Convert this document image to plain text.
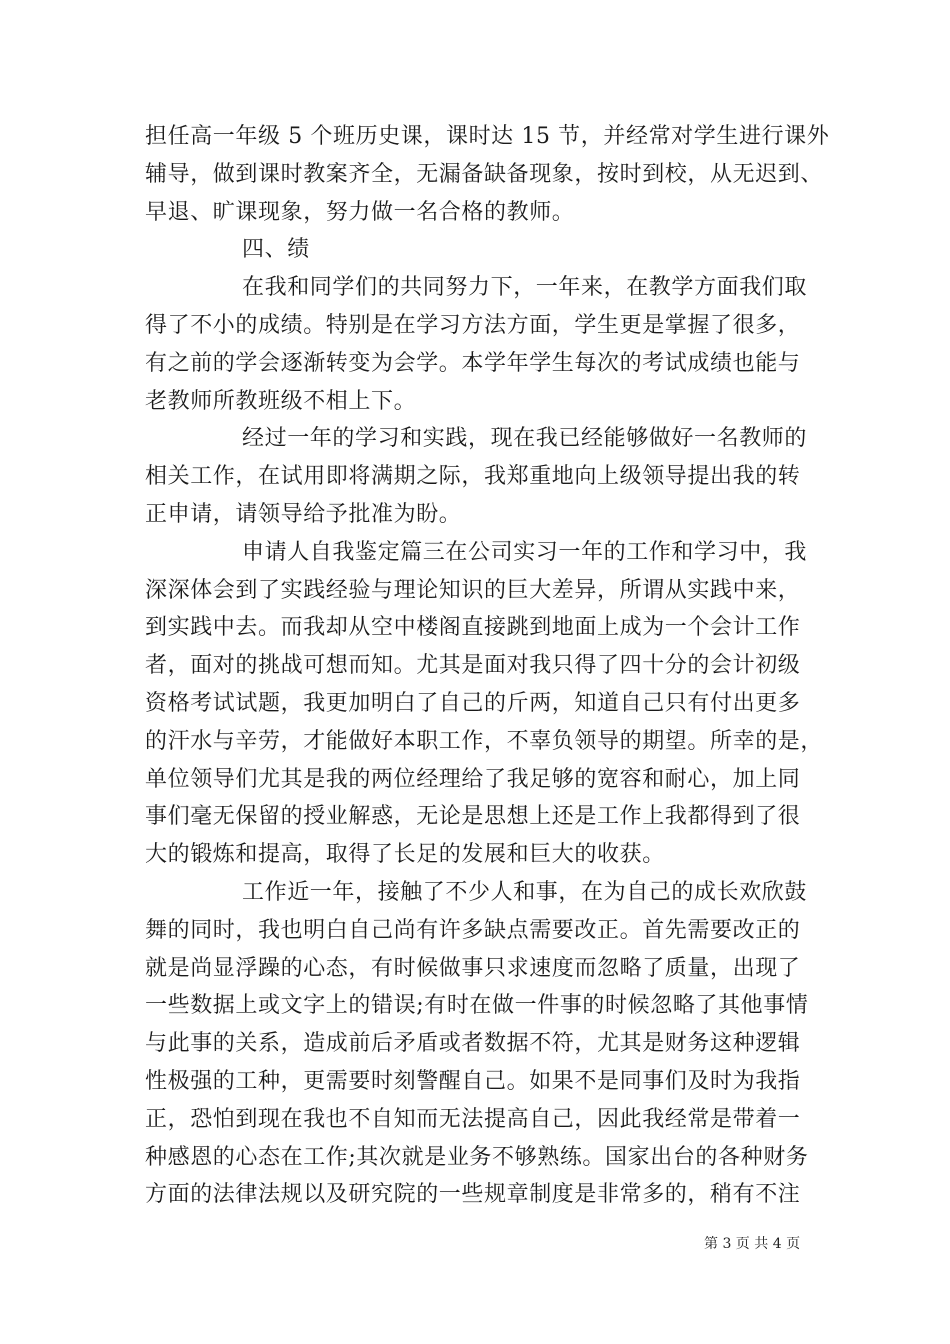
担任高一年级 5 个班历史课，课时达 15 节，并经常对学生进行课外
辅导，做到课时教案齐全，无漏备缺备现象，按时到校，从无迟到、
早退、旷课现象，努力做一名合格的教师。
四、绩
在我和同学们的共同努力下，一年来，在教学方面我们取
得了不小的成绩。特别是在学习方法方面，学生更是掌握了很多，
有之前的学会逐渐转变为会学。本学年学生每次的考试成绩也能与
老教师所教班级不相上下。
经过一年的学习和实践，现在我已经能够做好一名教师的
相关工作，在试用即将满期之际，我郑重地向上级领导提出我的转
正申请，请领导给予批准为盼。
申请人自我鉴定篇三在公司实习一年的工作和学习中，我
深深体会到了实践经验与理论知识的巨大差异，所谓从实践中来，
到实践中去。而我却从空中楼阁直接跳到地面上成为一个会计工作
者，面对的挑战可想而知。尤其是面对我只得了四十分的会计初级
资格考试试题，我更加明白了自己的斤两，知道自己只有付出更多
的汗水与辛劳，才能做好本职工作，不辜负领导的期望。所幸的是，
单位领导们尤其是我的两位经理给了我足够的宽容和耐心，加上同
事们毫无保留的授业解惑，无论是思想上还是工作上我都得到了很
大的锻炼和提高，取得了长足的发展和巨大的收获。
工作近一年，接触了不少人和事，在为自己的成长欢欣鼓
舞的同时，我也明白自己尚有许多缺点需要改正。首先需要改正的
就是尚显浮躁的心态，有时候做事只求速度而忽略了质量，出现了
一些数据上或文字上的错误;有时在做一件事的时候忽略了其他事情
与此事的关系，造成前后矛盾或者数据不符，尤其是财务这种逻辑
性极强的工种，更需要时刻警醒自己。如果不是同事们及时为我指
正，恐怕到现在我也不自知而无法提高自己，因此我经常是带着一
种感恩的心态在工作;其次就是业务不够熟练。国家出台的各种财务
方面的法律法规以及研究院的一些规章制度是非常多的，稍有不注
第 3 页 共 4 页
